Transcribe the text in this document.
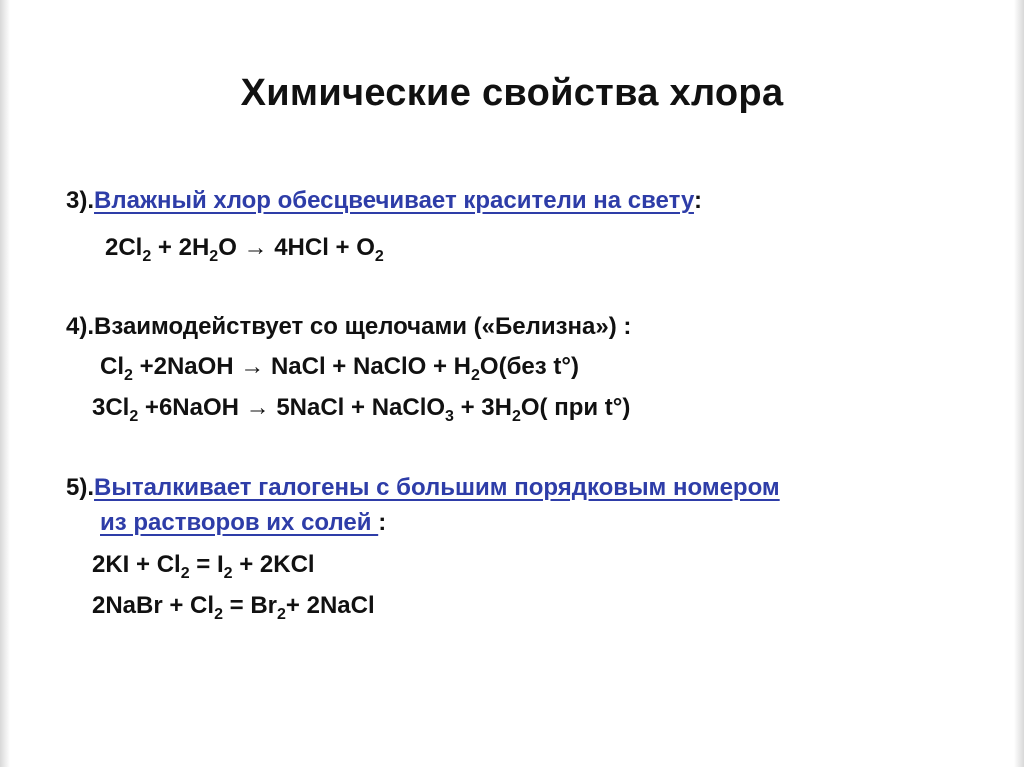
Химические свойства хлора
3).Влажный хлор обесцвечивает красители на свету:
$2Cl_2 + 2H_2O \to 4HCl + O_2$
4).Взаимодействует со щелочами («Белизна») :
$Cl_2$ +2NaOH → NaCl + NaClO + $H_2O(без$ t°)
$3Cl_2$ +6NaOH → 5NaCl + NaClO$_3$ + $3H_2O$( при t°)
5).Выталкивает галогены с большим порядковым номером
из растворов их солей :
$2KI + Cl_2 = I_2 + 2KCl$
2NaBr + $Cl_2 = Br_2+$ 2NaCl
